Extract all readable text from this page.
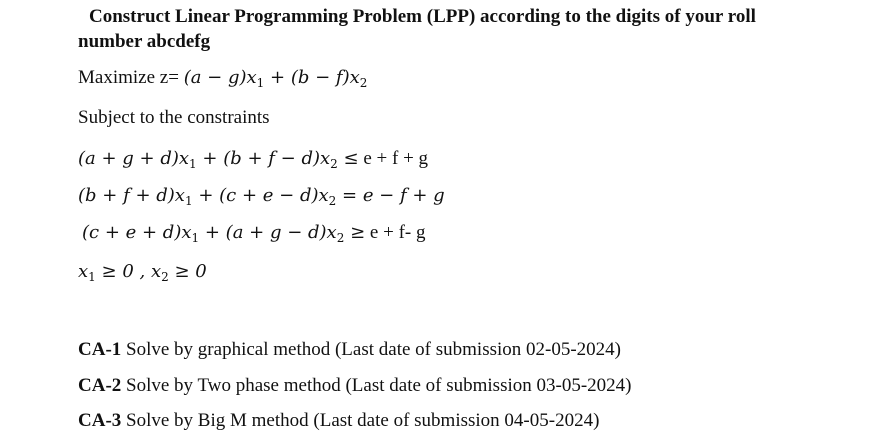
Construct Linear Programming Problem (LPP) according to the digits of your roll
number abcdefg
Maximize $z= (a - g)x_1 + (b - f)x_2$
Subject to the constraints
$(a + g + d)x_1 + (b + f - d)x_2 \le e + f + g$
$(b + f + d)x_1 + (c + e - d)x_2 = e - f + g$
$(c + e + d)x_1 + (a + g - d)x_2 \ge e + f-$ g
$x_1 \ge 0$ , $x_2 \ge 0$
CA-1 Solve by graphical method (Last date of submission 02-05-2024)
CA-2 Solve by Two phase method (Last date of submission 03-05-2024)
CA-3 Solve by Big M method (Last date of submission 04-05-2024)
